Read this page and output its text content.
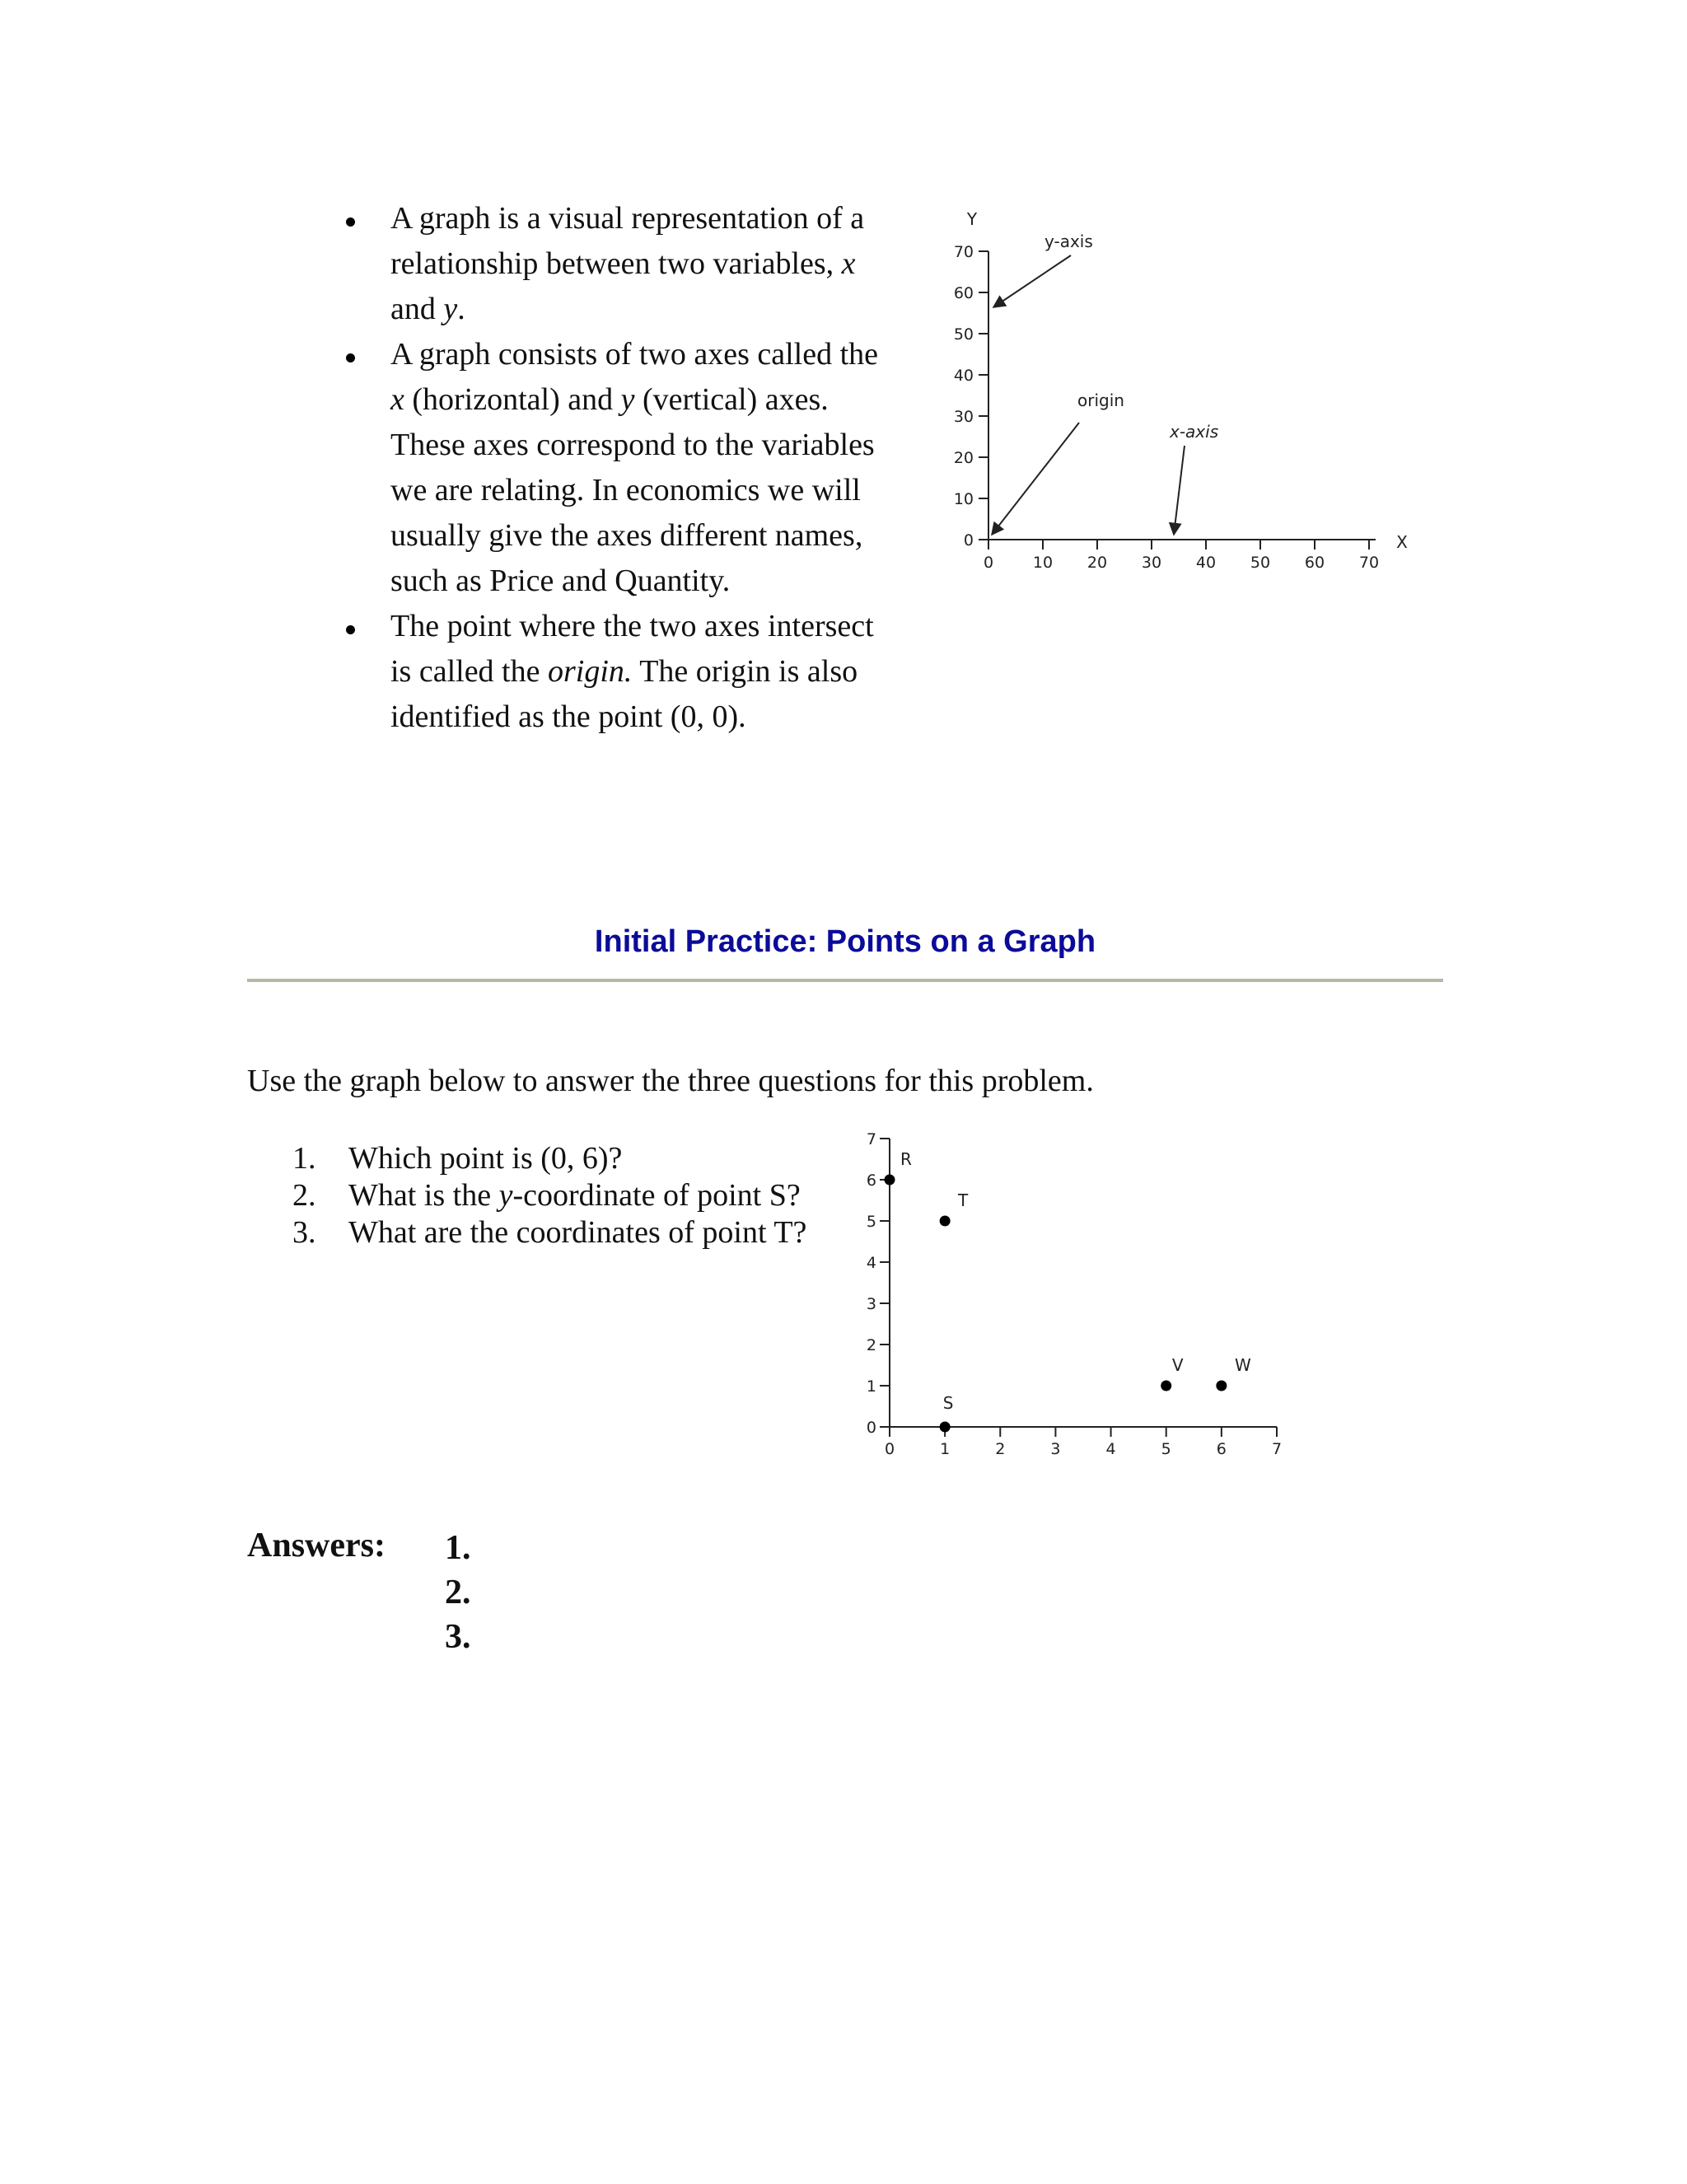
A graph is a visual representation of a relationship between two variables, x and y.
A graph consists of two axes called the x (horizontal) and y (vertical) axes. These axes correspond to the variables we are relating. In economics we will usually give the axes different names, such as Price and Quantity.
The point where the two axes intersect is called the origin. The origin is also identified as the point (0, 0).
0
10
20
30
40
50
60
70
0	10 20 30 40 50 60 70
Y
X
y-axis
origin
x-axis
Initial Practice: Points on a Graph
Use the graph below to answer the three questions for this problem.
1. Which point is (0, 6)?
2. What is the y-coordinate of point S?
3. What are the coordinates of point T?
0
1
2
3
4
5
6
7
0	1	2	3	4	5	6	7
R
T
S
V	W
Answers: 1.
2.
3.
